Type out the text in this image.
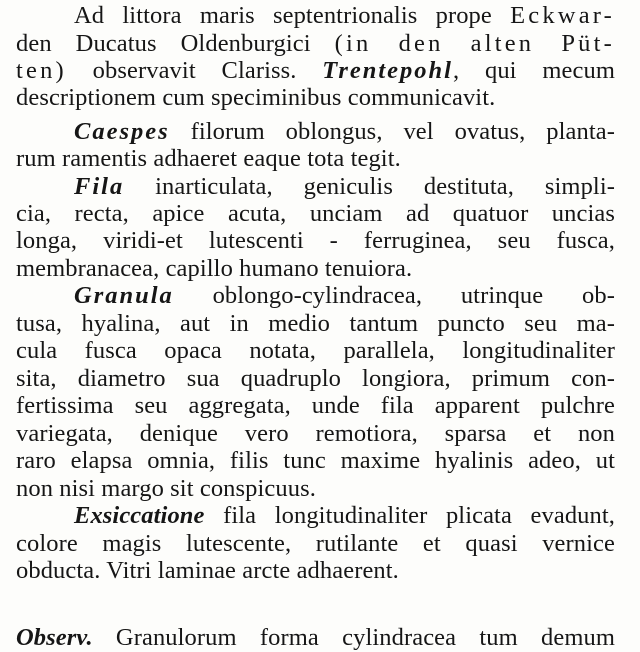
Ad littora maris septentrionalis prope Eckwar-
den Ducatus Oldenburgici (in den alten Püt-
ten) observavit Clariss. Trentepohl, qui mecum
descriptionem cum speciminibus communicavit.
Caespes filorum oblongus, vel ovatus, planta-
rum ramentis adhaeret eaque tota tegit.
Fila inarticulata, geniculis destituta, simpli-
cia, recta, apice acuta, unciam ad quatuor uncias
longa, viridi-et lutescenti - ferruginea, seu fusca,
membranacea, capillo humano tenuiora.
Granula oblongo-cylindracea, utrinque ob-
tusa, hyalina, aut in medio tantum puncto seu ma-
cula fusca opaca notata, parallela, longitudinaliter
sita, diametro sua quadruplo longiora, primum con-
fertissima seu aggregata, unde fila apparent pulchre
variegata, denique vero remotiora, sparsa et non
raro elapsa omnia, filis tunc maxime hyalinis adeo, ut
non nisi margo sit conspicuus.
Exsiccatione fila longitudinaliter plicata evadunt,
colore magis lutescente, rutilante et quasi vernice
obducta. Vitri laminae arcte adhaerent.
Observ. Granulorum forma cylindracea tum demum
